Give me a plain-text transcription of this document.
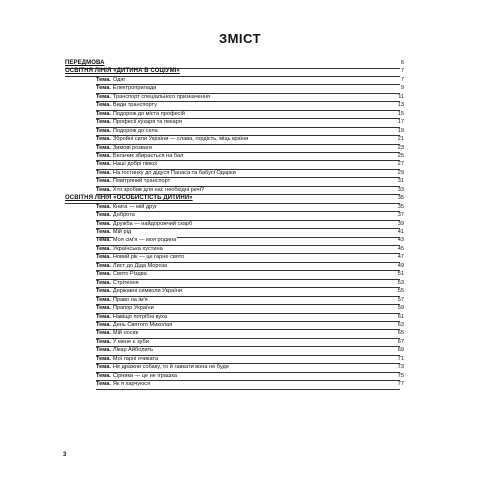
ЗМІСТ
ПЕРЕДМОВА	6
ОСВІТНЯ ЛІНІЯ «ДИТИНА В СОЦІУМІ»	7
Тема. Одяг	7
Тема. Електроприлади	9
Тема. Транспорт спеціального призначення	11
Тема. Види транспорту	13
Тема. Подорож до міста професій	15
Тема. Професії кухаря та пекаря	17
Тема. Подорож до села	19
Тема. Збройні сили України — слава, гордість, міць країни	21
Тема. Зимові розваги	23
Тема. Бельчик збирається на бал	25
Тема. Наші добрі півкої	27
Тема. На гостинку до дідуся Панаса та бабусі Одарки	29
Тема. Повітряний транспорт	31
Тема. Хто зробив для нас необхідні речі?	33
ОСВІТНЯ ЛІНІЯ «ОСОБИСТІСТЬ ДИТИНИ»	35
Тема. Книга — мій друг	35
Тема. Доброта	37
Тема. Дружба — найдорожчий скарб	39
Тема. Мій рід	41
Тема. Моя сім'я — моя родина	43
Тема. Українська хустина	45
Тема. Новий рік — це гарне свято	47
Тема. Лист до Діда Мороза	49
Тема. Свято Різдва	51
Тема. Стрітення	53
Тема. Державні символи України	55
Тема. Право на ім'я	57
Тема. Прапор України	59
Тема. Навіщо потрібні вухa	61
Тема. День Святого Миколая	63
Тема. Мій носик	65
Тема. У мене є зуби	67
Тема. Лікар Айболить	69
Тема. Мої гарні очиката	71
Тема. Не дражни собаку, то й гавкати вона не буде	73
Тема. Сірники — це не іграшка	75
Тема. Як я харчуюся	77
3
